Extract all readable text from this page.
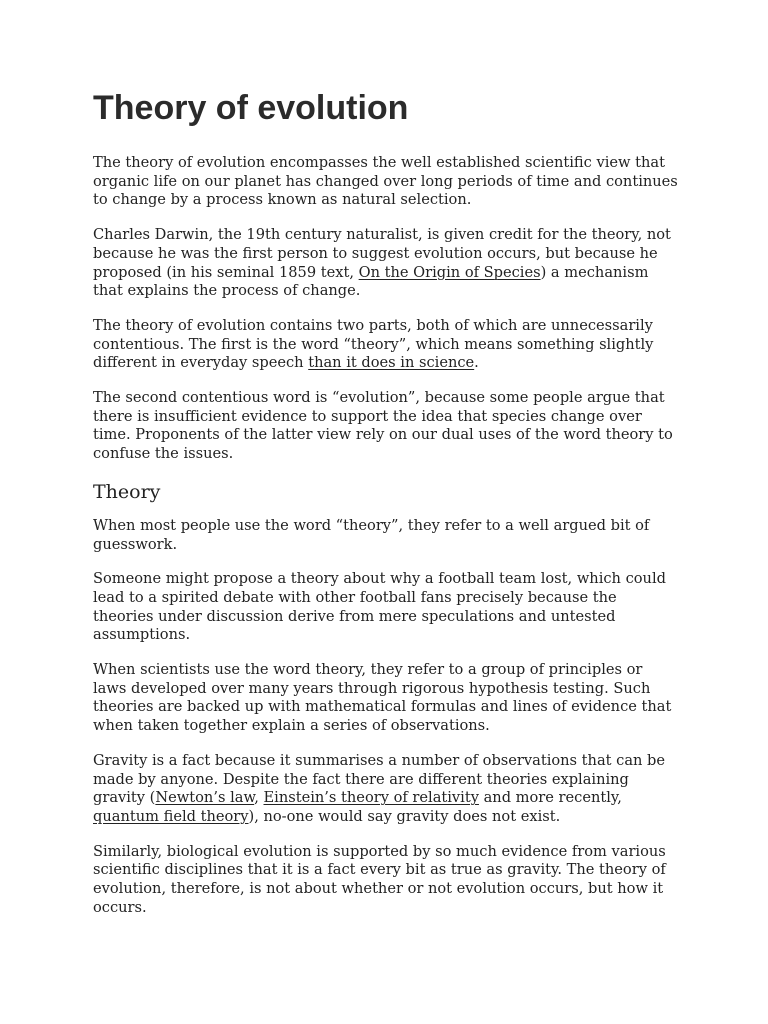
Theory of evolution

The theory of evolution encompasses the well established scientific view that organic life on our planet has changed over long periods of time and continues to change by a process known as natural selection.

Charles Darwin, the 19th century naturalist, is given credit for the theory, not because he was the first person to suggest evolution occurs, but because he proposed (in his seminal 1859 text, On the Origin of Species) a mechanism that explains the process of change.

The theory of evolution contains two parts, both of which are unnecessarily contentious. The first is the word “theory”, which means something slightly different in everyday speech than it does in science.

The second contentious word is “evolution”, because some people argue that there is insufficient evidence to support the idea that species change over time. Proponents of the latter view rely on our dual uses of the word theory to confuse the issues.

Theory

When most people use the word “theory”, they refer to a well argued bit of guesswork.

Someone might propose a theory about why a football team lost, which could lead to a spirited debate with other football fans precisely because the theories under discussion derive from mere speculations and untested assumptions.

When scientists use the word theory, they refer to a group of principles or laws developed over many years through rigorous hypothesis testing. Such theories are backed up with mathematical formulas and lines of evidence that when taken together explain a series of observations.

Gravity is a fact because it summarises a number of observations that can be made by anyone. Despite the fact there are different theories explaining gravity (Newton’s law, Einstein’s theory of relativity and more recently, quantum field theory), no-one would say gravity does not exist.

Similarly, biological evolution is supported by so much evidence from various scientific disciplines that it is a fact every bit as true as gravity. The theory of evolution, therefore, is not about whether or not evolution occurs, but how it occurs.
